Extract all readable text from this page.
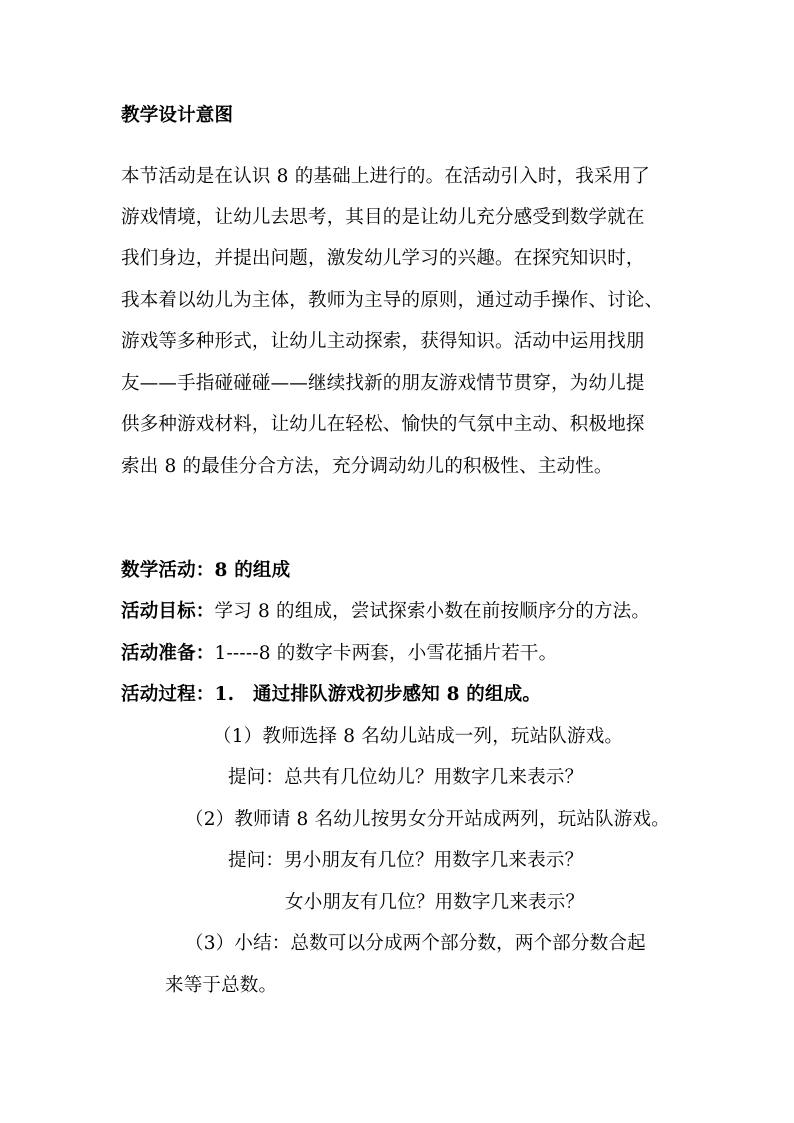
教学设计意图
本节活动是在认识 8 的基础上进行的。在活动引入时，我采用了
游戏情境，让幼儿去思考，其目的是让幼儿充分感受到数学就在
我们身边，并提出问题，激发幼儿学习的兴趣。在探究知识时，
我本着以幼儿为主体，教师为主导的原则，通过动手操作、讨论、
游戏等多种形式，让幼儿主动探索，获得知识。活动中运用找朋
友——手指碰碰碰——继续找新的朋友游戏情节贯穿，为幼儿提
供多种游戏材料，让幼儿在轻松、愉快的气氛中主动、积极地探
索出 8 的最佳分合方法，充分调动幼儿的积极性、主动性。
数学活动：8 的组成
活动目标：学习 8 的组成，尝试探索小数在前按顺序分的方法。
活动准备：1-----8 的数字卡两套，小雪花插片若干。
活动过程：1.　通过排队游戏初步感知 8 的组成。
（1）教师选择 8 名幼儿站成一列，玩站队游戏。
提问：总共有几位幼儿？用数字几来表示？
（2）教师请 8 名幼儿按男女分开站成两列，玩站队游戏。
提问：男小朋友有几位？用数字几来表示？
女小朋友有几位？用数字几来表示？
（3）小结：总数可以分成两个部分数，两个部分数合起
来等于总数。
